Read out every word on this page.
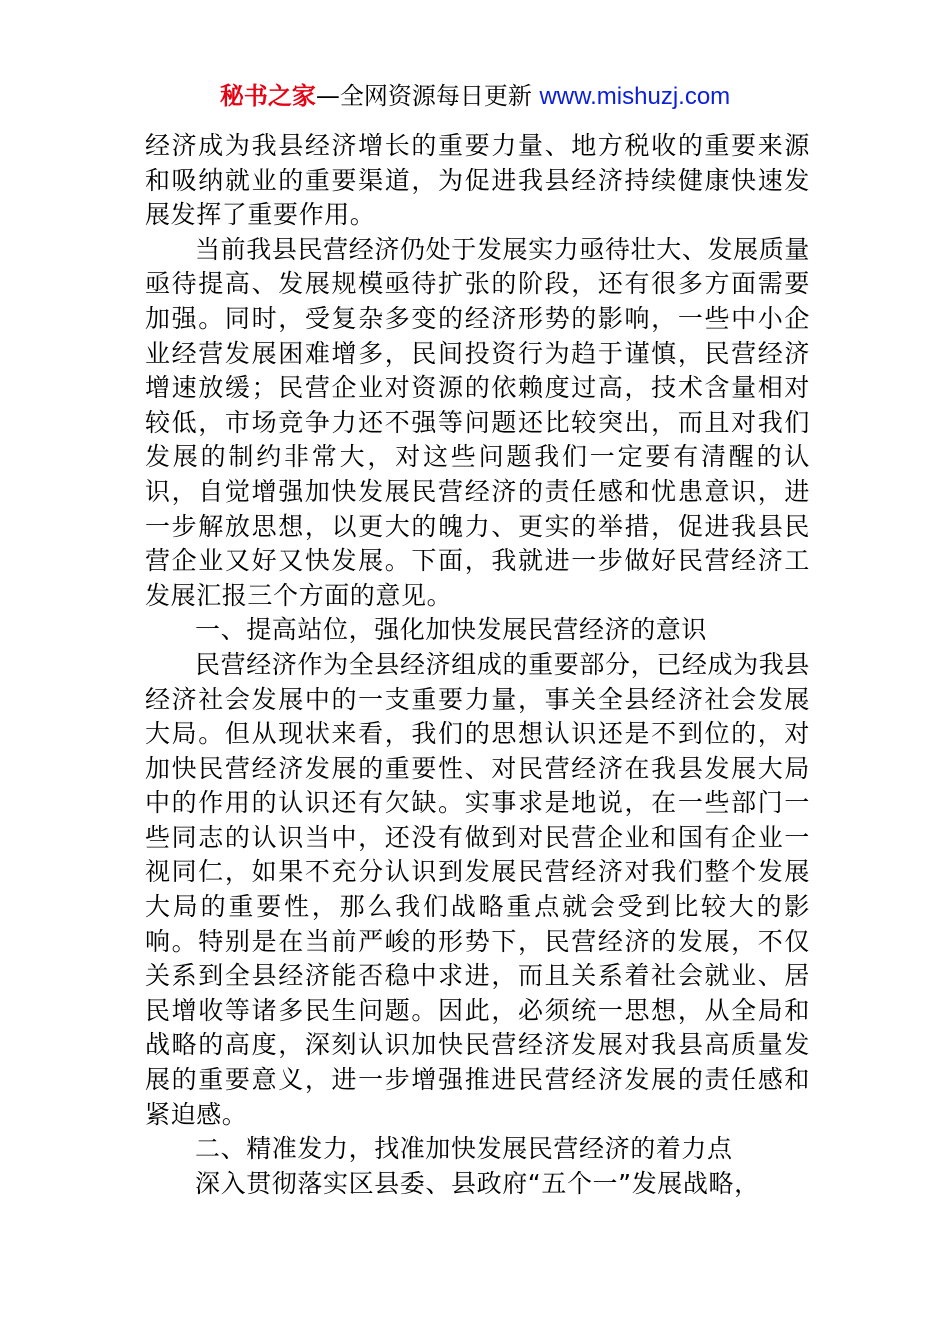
秘书之家—全网资源每日更新 www.mishuzj.com

经济成为我县经济增长的重要力量、地方税收的重要来源和吸纳就业的重要渠道，为促进我县经济持续健康快速发展发挥了重要作用。

当前我县民营经济仍处于发展实力亟待壮大、发展质量亟待提高、发展规模亟待扩张的阶段，还有很多方面需要加强。同时，受复杂多变的经济形势的影响，一些中小企业经营发展困难增多，民间投资行为趋于谨慎，民营经济增速放缓；民营企业对资源的依赖度过高，技术含量相对较低，市场竞争力还不强等问题还比较突出，而且对我们发展的制约非常大，对这些问题我们一定要有清醒的认识，自觉增强加快发展民营经济的责任感和忧患意识，进一步解放思想，以更大的魄力、更实的举措，促进我县民营企业又好又快发展。下面，我就进一步做好民营经济工发展汇报三个方面的意见。

一、提高站位，强化加快发展民营经济的意识

民营经济作为全县经济组成的重要部分，已经成为我县经济社会发展中的一支重要力量，事关全县经济社会发展大局。但从现状来看，我们的思想认识还是不到位的，对加快民营经济发展的重要性、对民营经济在我县发展大局中的作用的认识还有欠缺。实事求是地说，在一些部门一些同志的认识当中，还没有做到对民营企业和国有企业一视同仁，如果不充分认识到发展民营经济对我们整个发展大局的重要性，那么我们战略重点就会受到比较大的影响。特别是在当前严峻的形势下，民营经济的发展，不仅关系到全县经济能否稳中求进，而且关系着社会就业、居民增收等诸多民生问题。因此，必须统一思想，从全局和战略的高度，深刻认识加快民营经济发展对我县高质量发展的重要意义，进一步增强推进民营经济发展的责任感和紧迫感。

二、精准发力，找准加快发展民营经济的着力点

深入贯彻落实区县委、县政府“五个一”发展战略，
